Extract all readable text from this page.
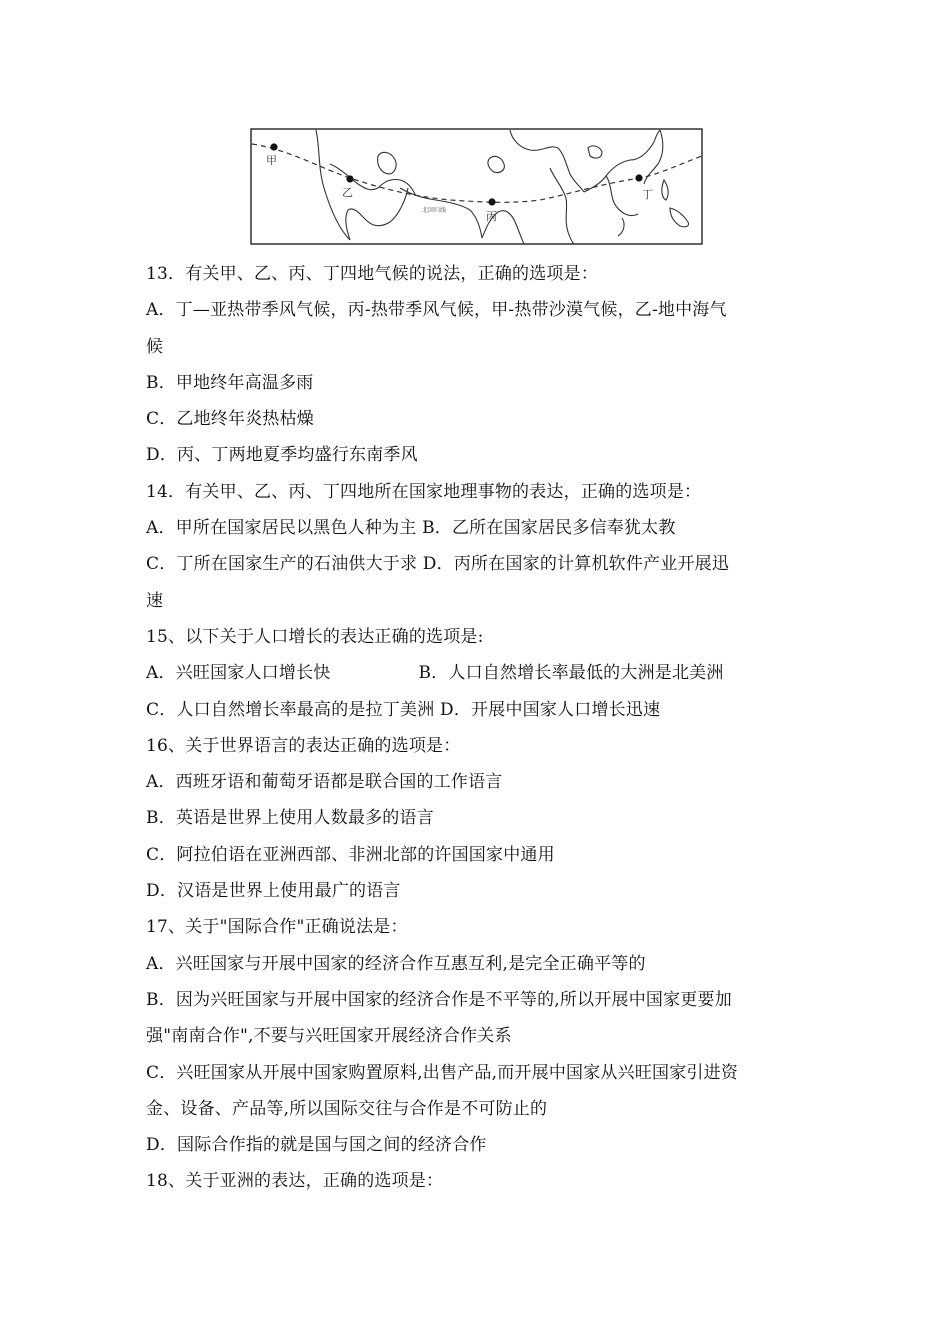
甲
乙
丙
丁
北回归线
13．有关甲、乙、丙、丁四地气候的说法，正确的选项是：
A．丁—亚热带季风气候，丙-热带季风气候，甲-热带沙漠气候，乙-地中海气
候
B．甲地终年高温多雨
C．乙地终年炎热枯燥
D．丙、丁两地夏季均盛行东南季风
14．有关甲、乙、丙、丁四地所在国家地理事物的表达，正确的选项是：
A．甲所在国家居民以黑色人种为主 B．乙所在国家居民多信奉犹太教
C．丁所在国家生产的石油供大于求 D．丙所在国家的计算机软件产业开展迅
速
15、以下关于人口增长的表达正确的选项是:
A．兴旺国家人口增长快	B．人口自然增长率最低的大洲是北美洲
C．人口自然增长率最高的是拉丁美洲 D．开展中国家人口增长迅速
16、关于世界语言的表达正确的选项是：
A．西班牙语和葡萄牙语都是联合国的工作语言
B．英语是世界上使用人数最多的语言
C．阿拉伯语在亚洲西部、非洲北部的许国国家中通用
D．汉语是世界上使用最广的语言
17、关于"国际合作"正确说法是：
A．兴旺国家与开展中国家的经济合作互惠互利,是完全正确平等的
B．因为兴旺国家与开展中国家的经济合作是不平等的,所以开展中国家更要加
强"南南合作",不要与兴旺国家开展经济合作关系
C．兴旺国家从开展中国家购置原料,出售产品,而开展中国家从兴旺国家引进资
金、设备、产品等,所以国际交往与合作是不可防止的
D．国际合作指的就是国与国之间的经济合作
18、关于亚洲的表达，正确的选项是：
